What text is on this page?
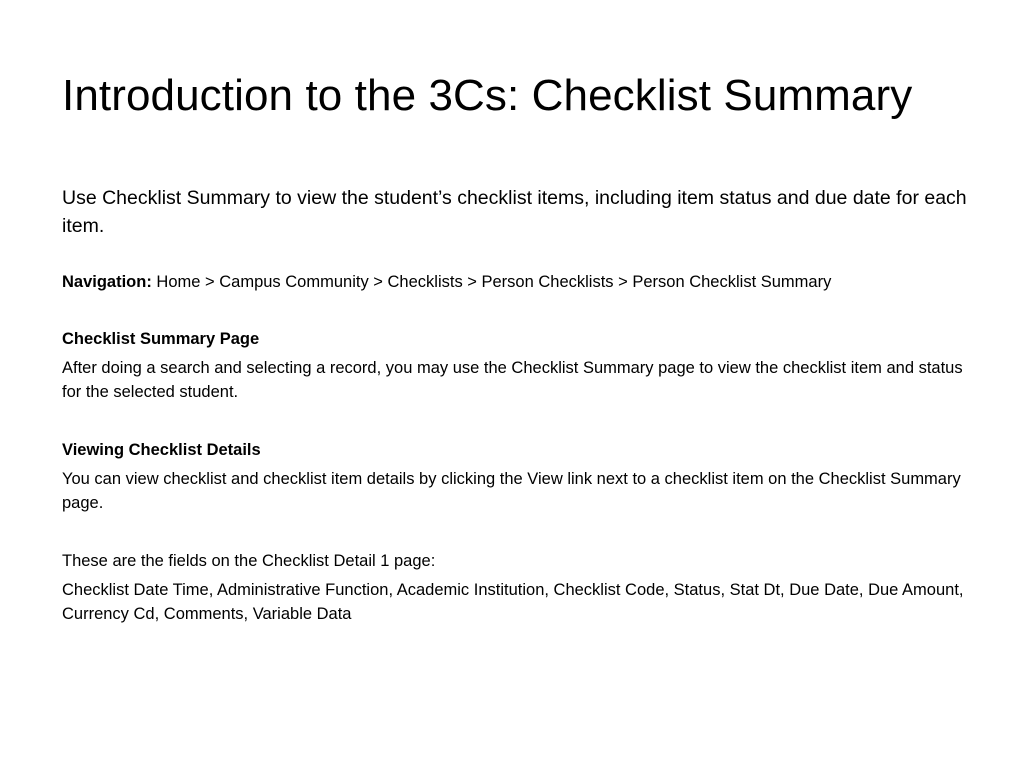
Introduction to the 3Cs: Checklist Summary

Use Checklist Summary to view the student’s checklist items, including item status and due date for each item.

Navigation: Home > Campus Community > Checklists > Person Checklists > Person Checklist Summary

Checklist Summary Page

After doing a search and selecting a record, you may use the Checklist Summary page to view the checklist item and status for the selected student.

Viewing Checklist Details

You can view checklist and checklist item details by clicking the View link next to a checklist item on the Checklist Summary page.

These are the fields on the Checklist Detail 1 page:

Checklist Date Time, Administrative Function, Academic Institution, Checklist Code, Status, Stat Dt, Due Date, Due Amount, Currency Cd, Comments, Variable Data
